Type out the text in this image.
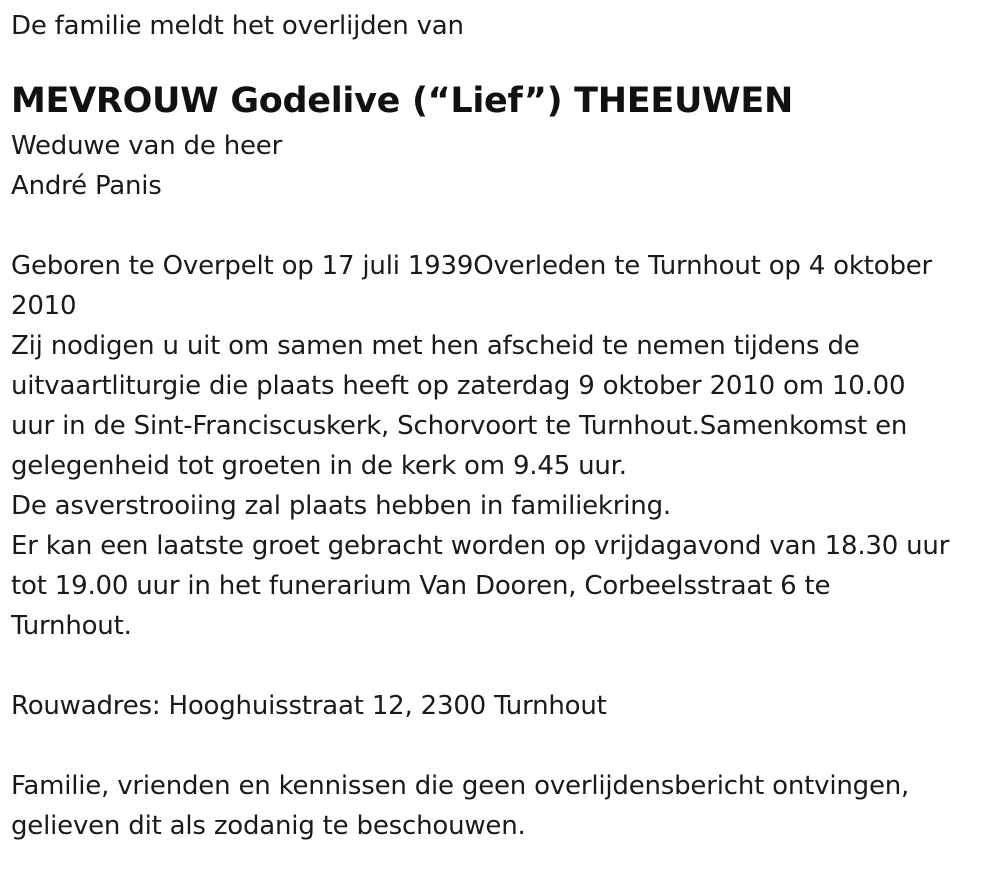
De familie meldt het overlijden van
MEVROUW Godelive (“Lief”) THEEUWEN
Weduwe van de heer
André Panis
Geboren te Overpelt op 17 juli 1939Overleden te Turnhout op 4 oktober
2010
Zij nodigen u uit om samen met hen afscheid te nemen tijdens de
uitvaartliturgie die plaats heeft op zaterdag 9 oktober 2010 om 10.00
uur in de Sint-Franciscuskerk, Schorvoort te Turnhout.Samenkomst en
gelegenheid tot groeten in de kerk om 9.45 uur.
De asverstrooiing zal plaats hebben in familiekring.
Er kan een laatste groet gebracht worden op vrijdagavond van 18.30 uur
tot 19.00 uur in het funerarium Van Dooren, Corbeelsstraat 6 te
Turnhout.
Rouwadres: Hooghuisstraat 12, 2300 Turnhout
Familie, vrienden en kennissen die geen overlijdensbericht ontvingen,
gelieven dit als zodanig te beschouwen.
